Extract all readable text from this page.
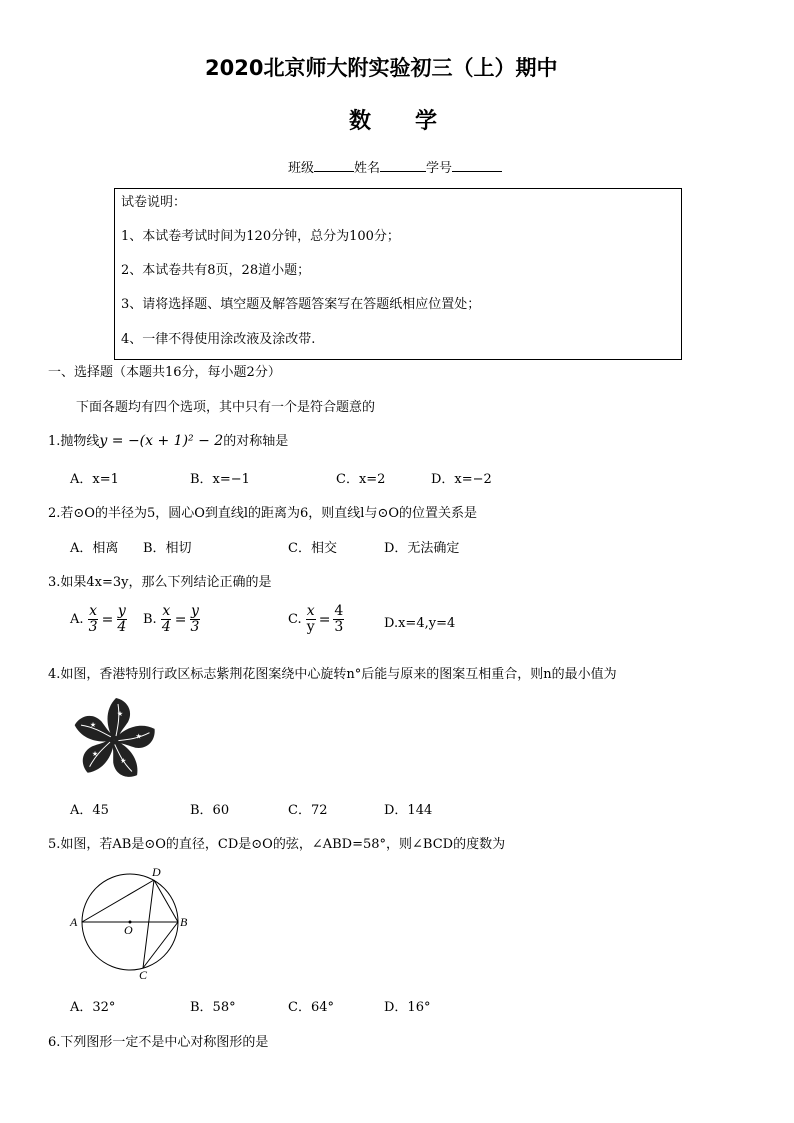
2020北京师大附实验初三（上）期中
数　　学
班级	姓名	学号
试卷说明：
1、本试卷考试时间为120分钟，总分为100分；
2、本试卷共有8页，28道小题；
3、请将选择题、填空题及解答题答案写在答题纸相应位置处；
4、一律不得使用涂改液及涂改带.
一、选择题（本题共16分，每小题2分）
下面各题均有四个选项，其中只有一个是符合题意的
1.抛物线y = −(x + 1)² − 2的对称轴是
A．x=1	B．x=−1	C．x=2	D．x=−2
2.若⊙O的半径为5，圆心O到直线l的距离为6，则直线l与⊙O的位置关系是
A．相离 B．相切	C．相交	D．无法确定
3.如果4x=3y，那么下列结论正确的是
A. $\frac{x}{3} = \frac{y}{4} B$. $\frac{x}{4} = \frac{y}{3}$	C. $\frac{x}{y} = \frac{4}{3}$	D.x=4,y=4
4.如图，香港特别行政区标志紫荆花图案绕中心旋转n°后能与原来的图案互相重合，则n的最小值为
★
★
★
★
★
A．45	B．60	C．72	D．144
5.如图，若AB是⊙O的直径，CD是⊙O的弦，∠ABD=58°，则∠BCD的度数为
A	B
C
D
O
A．32°	B．58°	C．64°	D．16°
6.下列图形一定不是中心对称图形的是
